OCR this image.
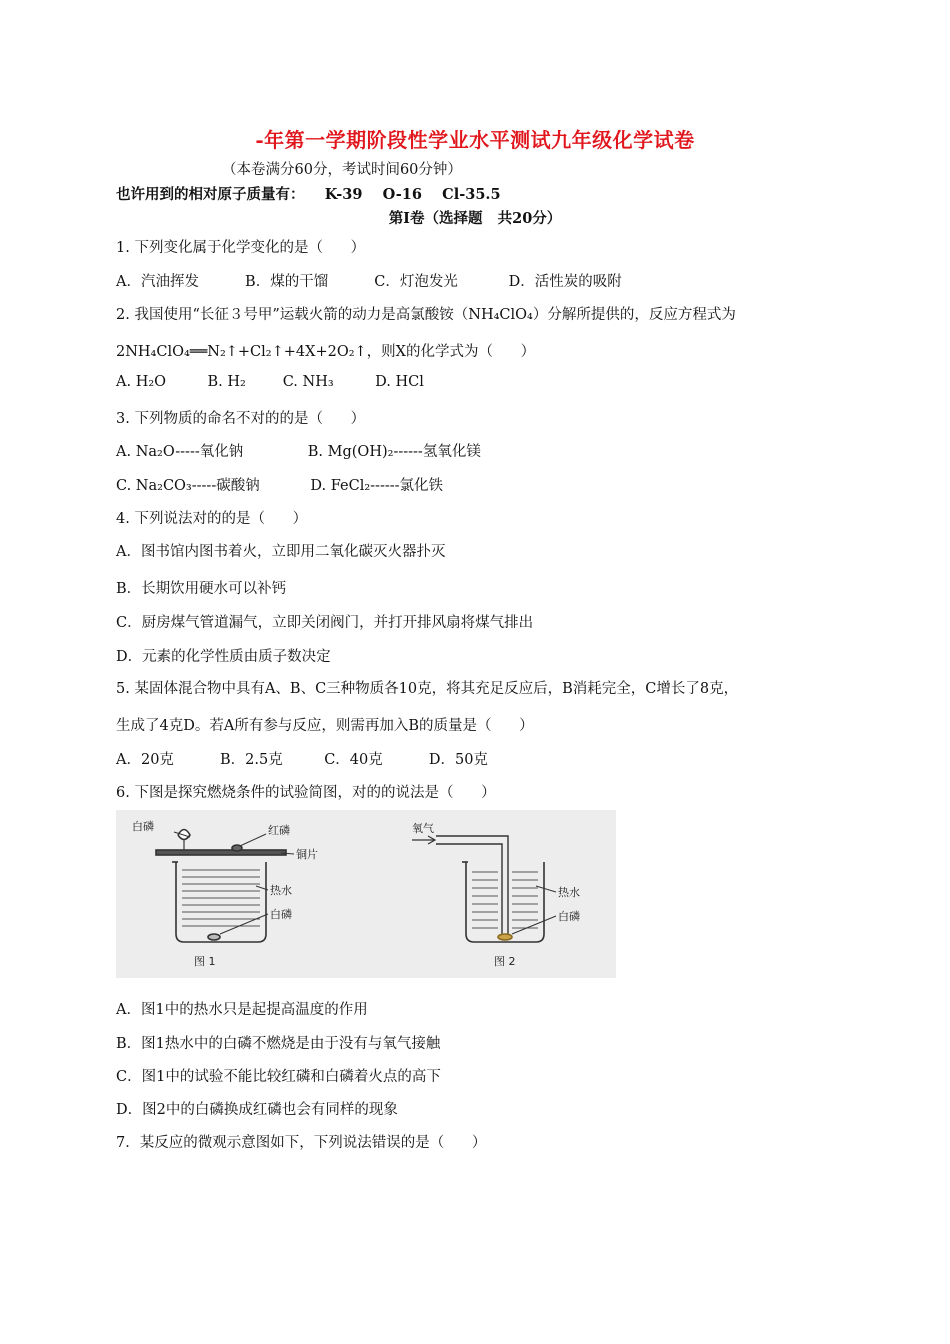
-年第一学期阶段性学业水平测试九年级化学试卷
（本卷满分60分，考试时间60分钟）
也许用到的相对原子质量有：    K-39    O-16    Cl-35.5
第Ⅰ卷（选择题   共20分）
1. 下列变化属于化学变化的是（      ）
A．汽油挥发          B．煤的干馏          C．灯泡发光           D．活性炭的吸附
2. 我国使用“长征３号甲”运载火箭的动力是高氯酸铵（NH₄ClO₄）分解所提供的，反应方程式为
2NH₄ClO₄══N₂↑+Cl₂↑+4X+2O₂↑，则X的化学式为（      ）
A. H₂O         B. H₂        C. NH₃         D. HCl
3. 下列物质的命名不对的的是（      ）
A. Na₂O-----氧化钠              B. Mg(OH)₂------氢氧化镁
C. Na₂CO₃-----碳酸钠           D. FeCl₂------氯化铁
4. 下列说法对的的是（      ）
A．图书馆内图书着火，立即用二氧化碳灭火器扑灭
B．长期饮用硬水可以补钙
C．厨房煤气管道漏气，立即关闭阀门，并打开排风扇将煤气排出
D．元素的化学性质由质子数决定
5. 某固体混合物中具有A、B、C三种物质各10克，将其充足反应后，B消耗完全，C增长了8克，
生成了4克D。若A所有参与反应，则需再加入B的质量是（      ）
A．20克          B．2.5克         C．40克          D．50克
6. 下图是探究燃烧条件的试验简图，对的的说法是（      ）
白磷	红磷
铜片
热水
白磷
图 1
氧气
热水
白磷
图 2
A．图1中的热水只是起提高温度的作用
B．图1热水中的白磷不燃烧是由于没有与氧气接触
C．图1中的试验不能比较红磷和白磷着火点的高下
D．图2中的白磷换成红磷也会有同样的现象
7．某反应的微观示意图如下，下列说法错误的是（      ）
